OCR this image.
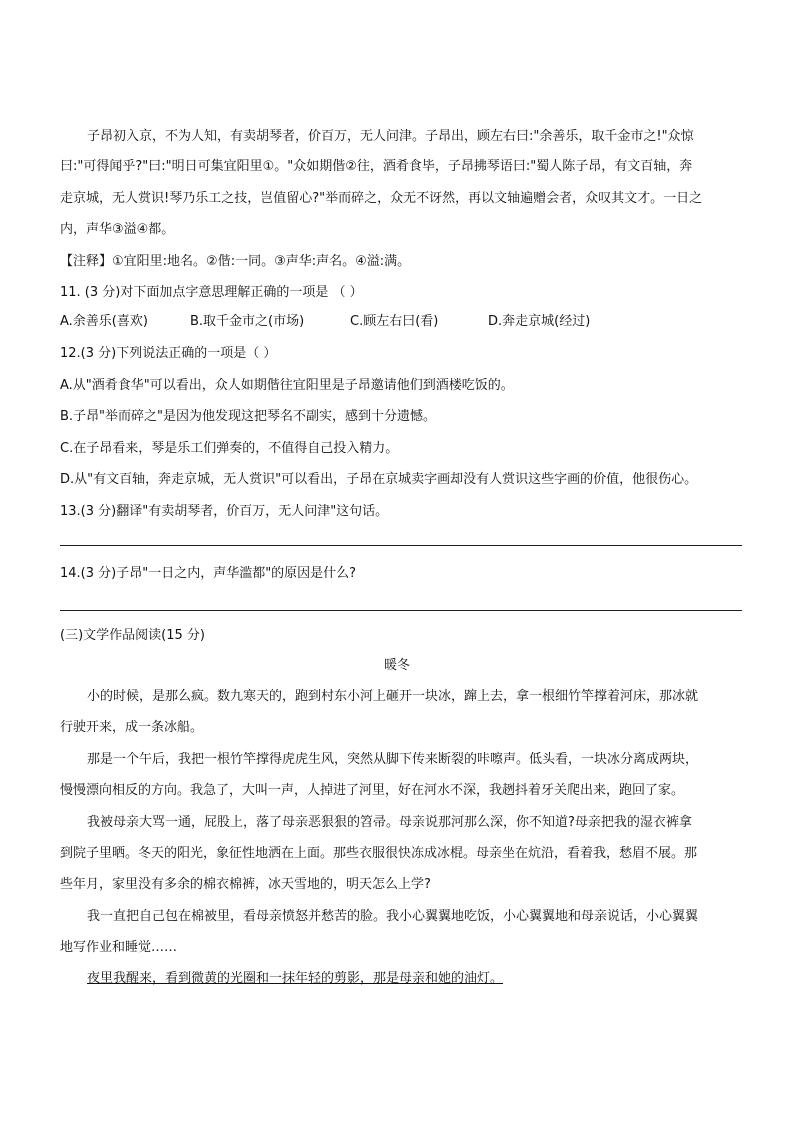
子昂初入京，不为人知，有卖胡琴者，价百万，无人问津。子昂出，顾左右曰:"余善乐，取千金市之!"众惊
曰:"可得闻乎?"曰:"明日可集宜阳里①。"众如期偕②往，酒肴食毕，子昂拂琴语曰:"蜀人陈子昂，有文百轴，奔
走京城，无人赏识!琴乃乐工之技，岂值留心?"举而碎之，众无不讶然，再以文轴遍赠会者，众叹其文才。一日之
内，声华③溢④都。
【注释】①宜阳里:地名。②偕:一同。③声华:声名。④溢:满。
11. (3 分)对下面加点字意思理解正确的一项是 （ ）
A.余善乐(喜欢)	B.取千金市之(市场)	C.顾左右曰(看)	D.奔走京城(经过)
12.(3 分)下列说法正确的一项是（ ）
A.从"酒肴食华"可以看出，众人如期偕往宜阳里是子昂邀请他们到酒楼吃饭的。
B.子昂"举而碎之"是因为他发现这把琴名不副实，感到十分遗憾。
C.在子昂看来，琴是乐工们弹奏的，不值得自己投入精力。
D.从"有文百轴，奔走京城，无人赏识"可以看出，子昂在京城卖字画却没有人赏识这些字画的价值，他很伤心。
13.(3 分)翻译"有卖胡琴者，价百万，无人问津"这句话。
14.(3 分)子昂"一日之内，声华滥都"的原因是什么?
(三)文学作品阅读(15 分)
暖冬
小的时候，是那么疯。数九寒天的，跑到村东小河上砸开一块冰，蹿上去，拿一根细竹竿撑着河床，那冰就
行驶开来，成一条冰船。
那是一个午后，我把一根竹竿撑得虎虎生风，突然从脚下传来断裂的咔嚓声。低头看，一块冰分离成两块，
慢慢漂向相反的方向。我急了，大叫一声，人掉进了河里，好在河水不深，我趔抖着牙关爬出来，跑回了家。
我被母亲大骂一通，屁股上，落了母亲恶狠狠的笤帚。母亲说那河那么深，你不知道?母亲把我的湿衣裤拿
到院子里晒。冬天的阳光，象征性地洒在上面。那些衣服很快冻成冰棍。母亲坐在炕沿，看着我，愁眉不展。那
些年月，家里没有多余的棉衣棉裤，冰天雪地的，明天怎么上学?
我一直把自己包在棉被里，看母亲愤怒并愁苦的脸。我小心翼翼地吃饭，小心翼翼地和母亲说话，小心翼翼
地写作业和睡觉……
夜里我醒来，看到微黄的光圈和一抹年轻的剪影，那是母亲和她的油灯。
